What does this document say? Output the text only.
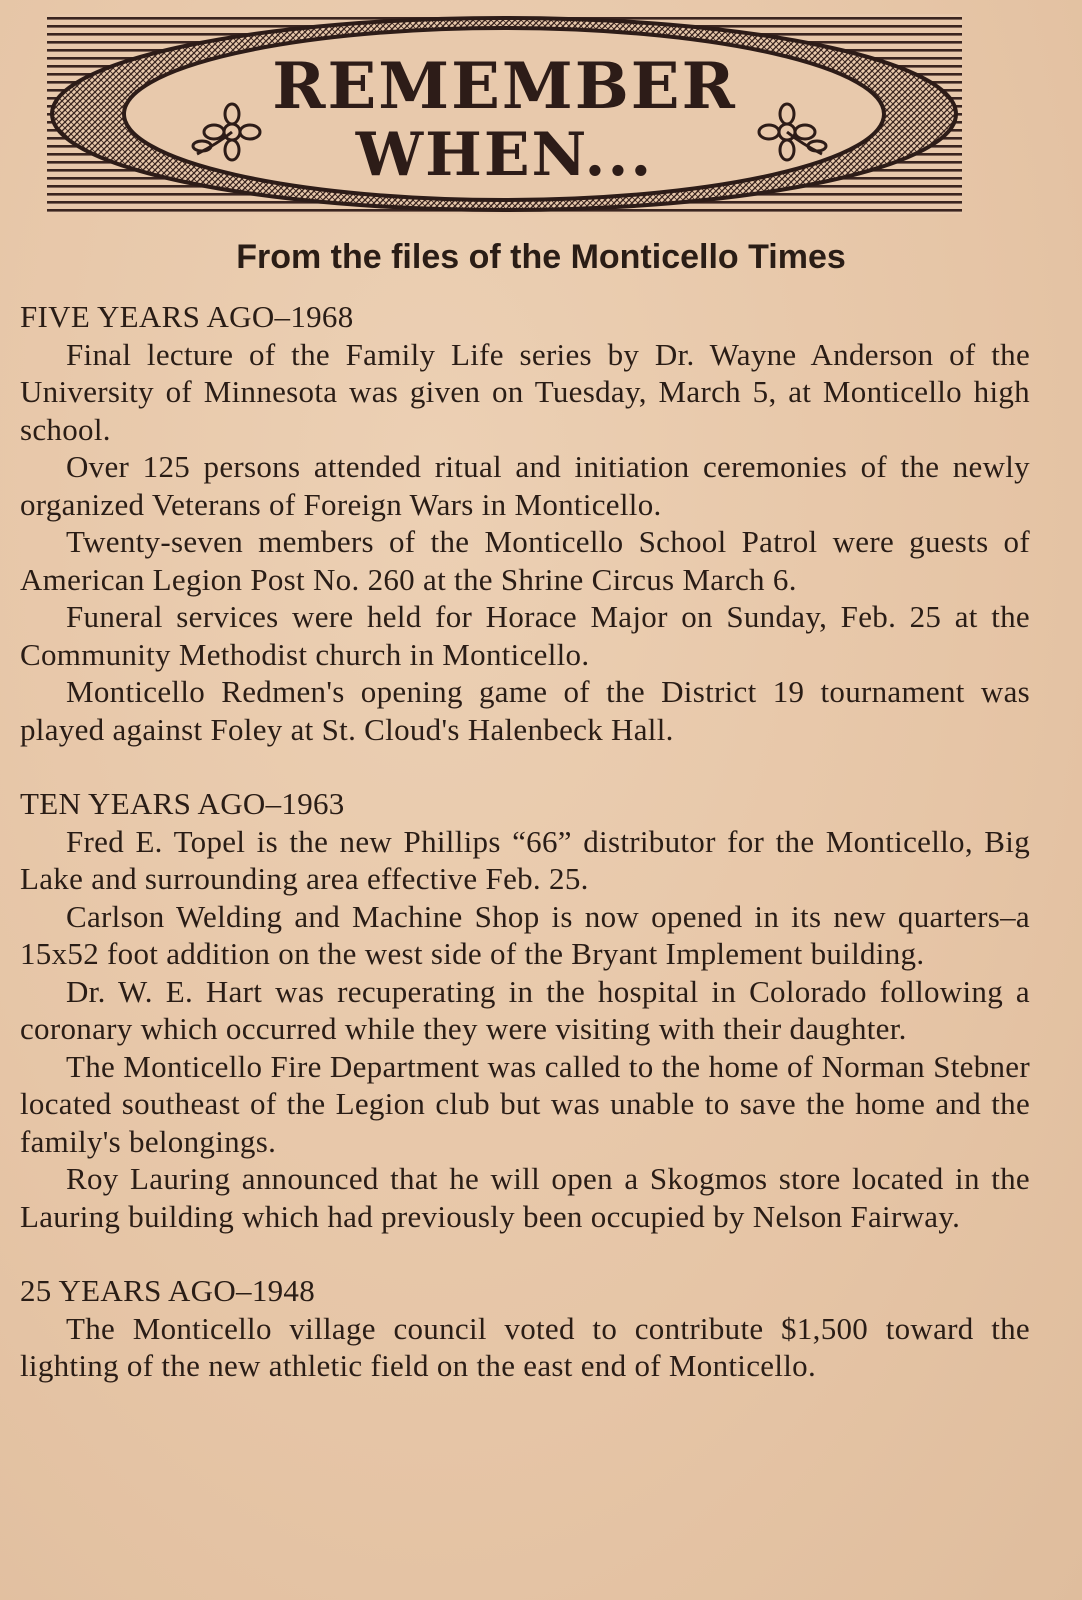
REMEMBER
WHEN...
From the files of the Monticello Times
FIVE YEARS AGO–1968

Final lecture of the Family Life series by Dr. Wayne Anderson of the University of Minnesota was given on Tuesday, March 5, at Monticello high school.

Over 125 persons attended ritual and initiation ceremonies of the newly organized Veterans of Foreign Wars in Monticello.

Twenty-seven members of the Monticello School Patrol were guests of American Legion Post No. 260 at the Shrine Circus March 6.

Funeral services were held for Horace Major on Sunday, Feb. 25 at the Community Methodist church in Monticello.

Monticello Redmen's opening game of the District 19 tournament was played against Foley at St. Cloud's Halenbeck Hall.

TEN YEARS AGO–1963

Fred E. Topel is the new Phillips “66” distributor for the Monticello, Big Lake and surrounding area effective Feb. 25.

Carlson Welding and Machine Shop is now opened in its new quarters–a 15x52 foot addition on the west side of the Bryant Implement building.

Dr. W. E. Hart was recuperating in the hospital in Colorado following a coronary which occurred while they were visiting with their daughter.

The Monticello Fire Department was called to the home of Norman Stebner located southeast of the Legion club but was unable to save the home and the family's belongings.

Roy Lauring announced that he will open a Skogmos store located in the Lauring building which had previously been occupied by Nelson Fairway.

25 YEARS AGO–1948

The Monticello village council voted to contribute $1,500 toward the lighting of the new athletic field on the east end of Monticello.
